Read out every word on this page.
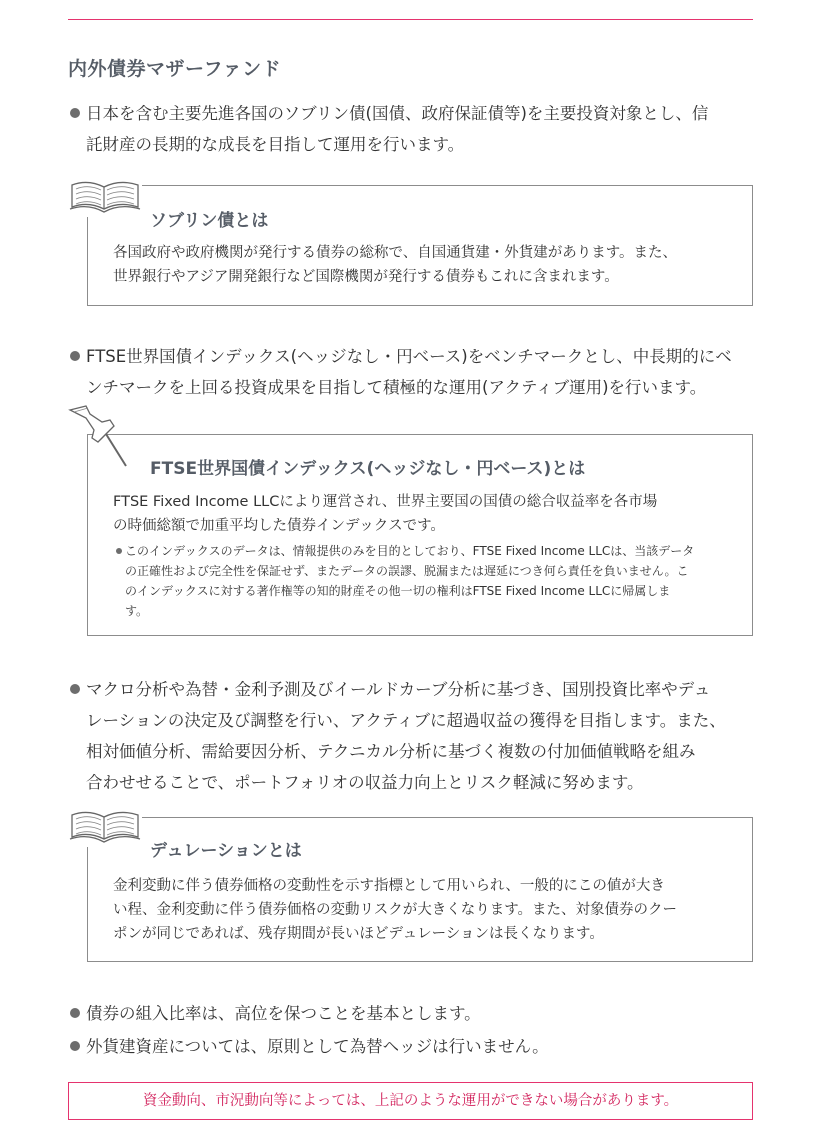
内外債券マザーファンド
日本を含む主要先進各国のソブリン債(国債、政府保証債等)を主要投資対象とし、信
託財産の長期的な成長を目指して運用を行います。
ソブリン債とは
各国政府や政府機関が発行する債券の総称で、自国通貨建・外貨建があります。また、
世界銀行やアジア開発銀行など国際機関が発行する債券もこれに含まれます。
FTSE世界国債インデックス(ヘッジなし・円ベース)をベンチマークとし、中長期的にベ
ンチマークを上回る投資成果を目指して積極的な運用(アクティブ運用)を行います。
FTSE世界国債インデックス(ヘッジなし・円ベース)とは
FTSE Fixed Income LLCにより運営され、世界主要国の国債の総合収益率を各市場
の時価総額で加重平均した債券インデックスです。
このインデックスのデータは、情報提供のみを目的としており、FTSE Fixed Income LLCは、当該データ
の正確性および完全性を保証せず、またデータの誤謬、脱漏または遅延につき何ら責任を負いません。こ
のインデックスに対する著作権等の知的財産その他一切の権利はFTSE Fixed Income LLCに帰属しま
す。
マクロ分析や為替・金利予測及びイールドカーブ分析に基づき、国別投資比率やデュ
レーションの決定及び調整を行い、アクティブに超過収益の獲得を目指します。また、
相対価値分析、需給要因分析、テクニカル分析に基づく複数の付加価値戦略を組み
合わせせることで、ポートフォリオの収益力向上とリスク軽減に努めます。
デュレーションとは
金利変動に伴う債券価格の変動性を示す指標として用いられ、一般的にこの値が大き
い程、金利変動に伴う債券価格の変動リスクが大きくなります。また、対象債券のクー
ポンが同じであれば、残存期間が長いほどデュレーションは長くなります。
債券の組入比率は、高位を保つことを基本とします。
外貨建資産については、原則として為替ヘッジは行いません。
資金動向、市況動向等によっては、上記のような運用ができない場合があります。
